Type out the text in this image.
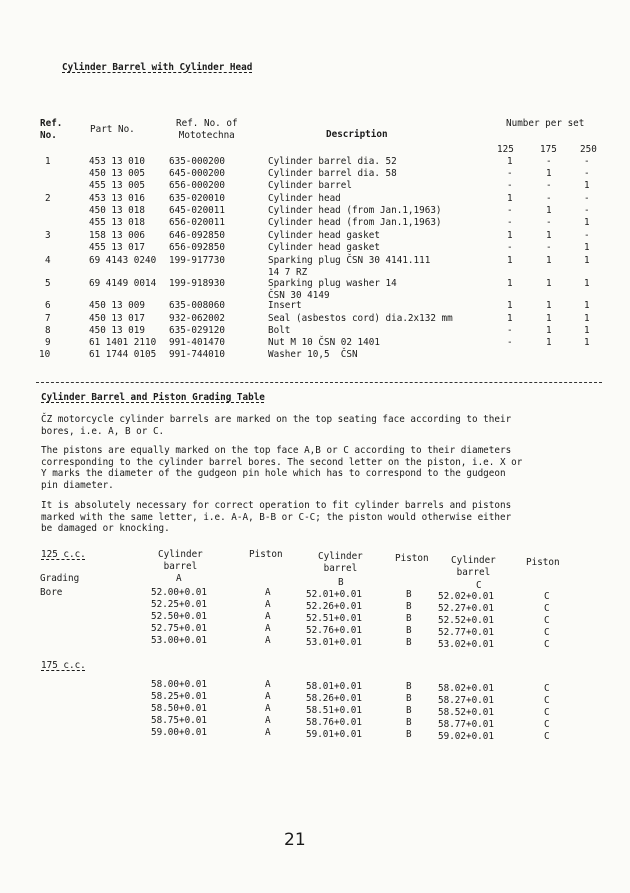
Cylinder Barrel with Cylinder Head
Ref.
No.
Part No.
Ref. No. of
Mototechna	Description
Number per set
125	175 250
1	453 13 010	635-000200	Cylinder barrel dia. 52	1	-	-
450 13 005	645-000200	Cylinder barrel dia. 58	-	1	-
455 13 005	656-000200	Cylinder barrel	-	-	1
2	453 13 016	635-020010	Cylinder head	1	-	-
450 13 018	645-020011	Cylinder head (from Jan.1,1963)	-	1	-
455 13 018	656-020011	Cylinder head (from Jan.1,1963)	-	-	1
3	158 13 006	646-092850	Cylinder head gasket	1	1	-
455 13 017	656-092850	Cylinder head gasket	-	-	1
4	69 4143 0240 199-917730	Sparking plug ČSN 30 4141.111
14 7 RZ
1	1	1
5	69 4149 0014 199-918930	Sparking plug washer 14
ČSN 30 4149
1	1	1
6	450 13 009	635-008060	Insert	1	1	1
7	450 13 017	932-062002	Seal (asbestos cord) dia.2x132 mm	1	1	1
8	450 13 019	635-029120	Bolt	-	1	1
9	61 1401 2110 991-401470	Nut M 10 ČSN 02 1401	-	1	1
10	61 1744 0105 991-744010	Washer 10,5  ČSN
Cylinder Barrel and Piston Grading Table
ČZ motorcycle cylinder barrels are marked on the top seating face according to their
bores, i.e. A, B or C.
The pistons are equally marked on the top face A,B or C according to their diameters
corresponding to the cylinder barrel bores. The second letter on the piston, i.e. X or
Y marks the diameter of the gudgeon pin hole which has to correspond to the gudgeon
pin diameter.
It is absolutely necessary for correct operation to fit cylinder barrels and pistons
marked with the same letter, i.e. A-A, B-B or C-C; the piston would otherwise either
be damaged or knocking.
125 c.c.	Cylinder
barrel
Piston	Cylinder
barrel
Piston Cylinder
barrel
Piston
Grading	A	B	C
Bore	52.00+0.01	A	52.01+0.01	B	52.02+0.01	C
52.25+0.01	A	52.26+0.01	B	52.27+0.01	C
52.50+0.01	A	52.51+0.01	B	52.52+0.01	C
52.75+0.01	A	52.76+0.01	B	52.77+0.01	C
53.00+0.01	A	53.01+0.01	B	53.02+0.01	C
175 c.c.
58.00+0.01	A	58.01+0.01	B	58.02+0.01	C
58.25+0.01	A	58.26+0.01	B	58.27+0.01	C
58.50+0.01	A	58.51+0.01	B	58.52+0.01	C
58.75+0.01	A	58.76+0.01	B	58.77+0.01	C
59.00+0.01	A	59.01+0.01	B	59.02+0.01	C
21
